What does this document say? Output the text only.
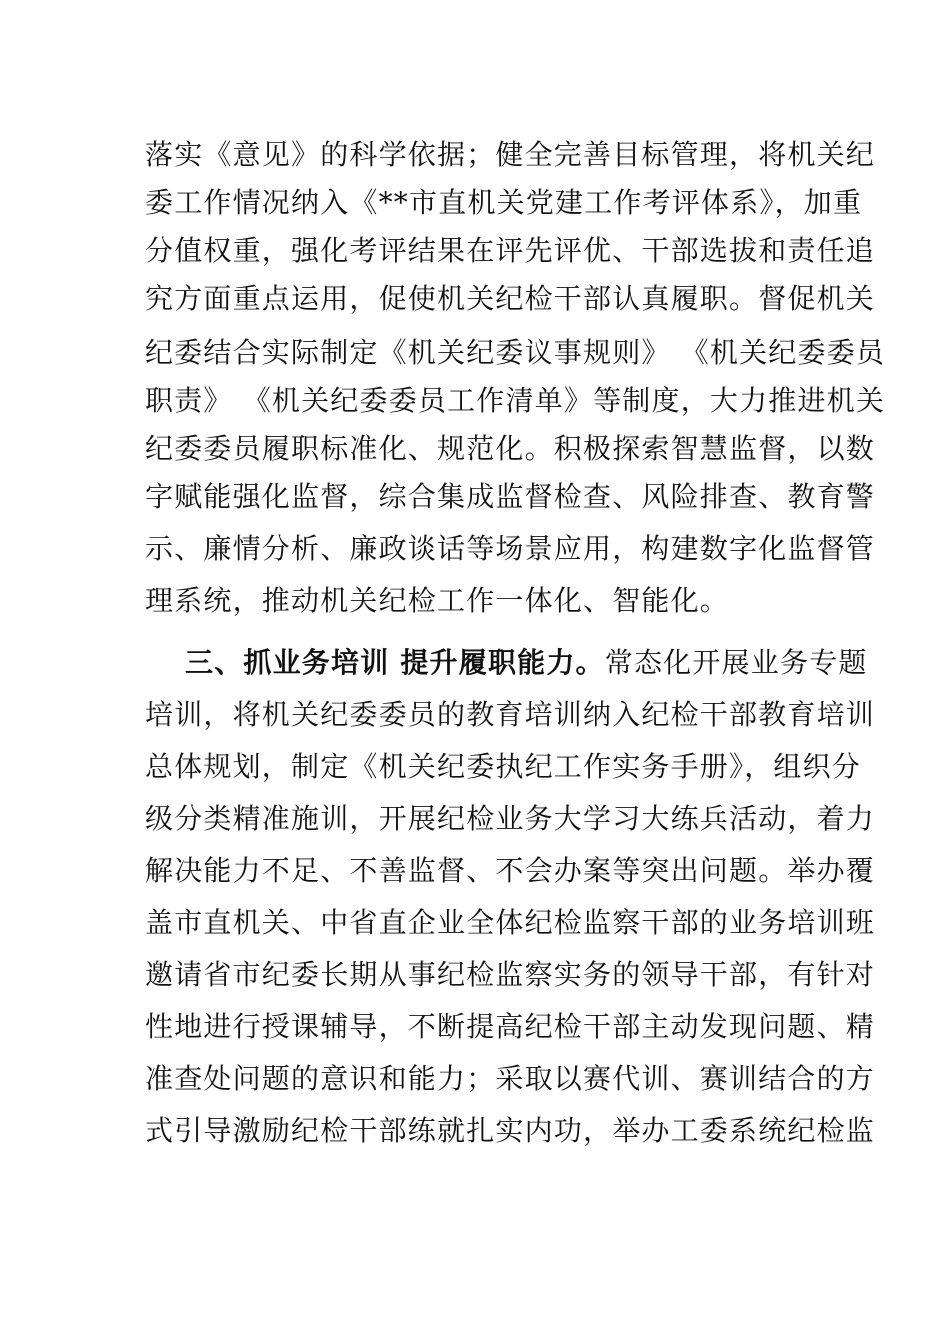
落实《意见》的科学依据；健全完善目标管理，将机关纪
委工作情况纳入《**市直机关党建工作考评体系》，加重
分值权重，强化考评结果在评先评优、干部选拔和责任追
究方面重点运用，促使机关纪检干部认真履职。督促机关
纪委结合实际制定《机关纪委议事规则》 《机关纪委委员
职责》 《机关纪委委员工作清单》等制度，大力推进机关
纪委委员履职标准化、规范化。积极探索智慧监督，以数
字赋能强化监督，综合集成监督检查、风险排查、教育警
示、廉情分析、廉政谈话等场景应用，构建数字化监督管
理系统，推动机关纪检工作一体化、智能化。
三、抓业务培训 提升履职能力。常态化开展业务专题
培训，将机关纪委委员的教育培训纳入纪检干部教育培训
总体规划，制定《机关纪委执纪工作实务手册》，组织分
级分类精准施训，开展纪检业务大学习大练兵活动，着力
解决能力不足、不善监督、不会办案等突出问题。举办覆
盖市直机关、中省直企业全体纪检监察干部的业务培训班
邀请省市纪委长期从事纪检监察实务的领导干部，有针对
性地进行授课辅导，不断提高纪检干部主动发现问题、精
准查处问题的意识和能力；采取以赛代训、赛训结合的方
式引导激励纪检干部练就扎实内功，举办工委系统纪检监
